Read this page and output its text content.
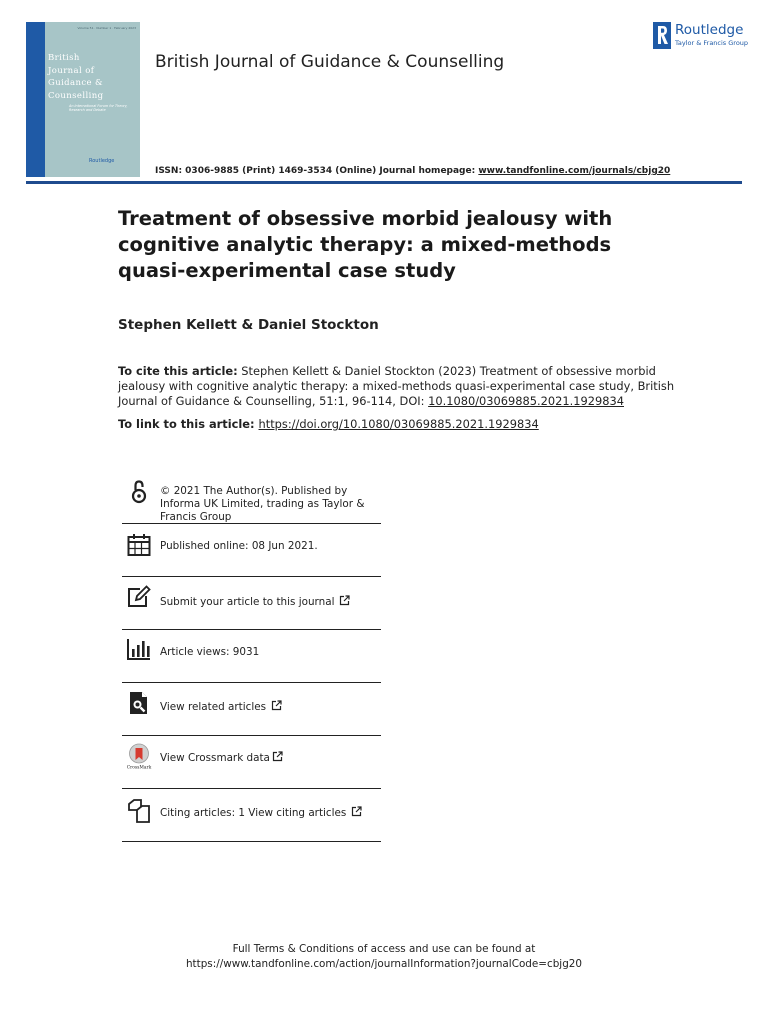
Volume 51 · Number 1 · February 2023
British
Journal of
Guidance &
Counselling
An International Forum for Theory, Research and Debate
Routledge
British Journal of Guidance & Counselling
Routledge
Taylor & Francis Group
ISSN: 0306-9885 (Print) 1469-3534 (Online) Journal homepage: www.tandfonline.com/journals/cbjg20
Treatment of obsessive morbid jealousy with cognitive analytic therapy: a mixed-methods quasi-experimental case study
Stephen Kellett & Daniel Stockton
To cite this article: Stephen Kellett & Daniel Stockton (2023) Treatment of obsessive morbid jealousy with cognitive analytic therapy: a mixed-methods quasi-experimental case study, British Journal of Guidance & Counselling, 51:1, 96-114, DOI: 10.1080/03069885.2021.1929834
To link to this article: https://doi.org/10.1080/03069885.2021.1929834
© 2021 The Author(s). Published by Informa UK Limited, trading as Taylor & Francis Group
Published online: 08 Jun 2021.
Submit your article to this journal
Article views: 9031
View related articles
CrossMark
View Crossmark data
Citing articles: 1 View citing articles
Full Terms & Conditions of access and use can be found at
https://www.tandfonline.com/action/journalInformation?journalCode=cbjg20
